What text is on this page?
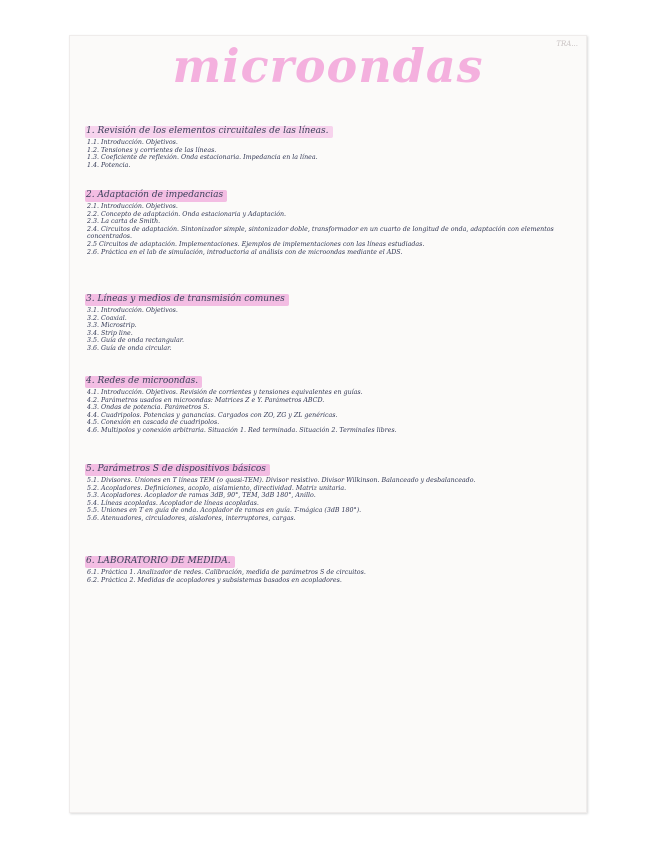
TRA...
microondas
1. Revisión de los elementos circuitales de las líneas.
1.1. Introducción. Objetivos.
1.2. Tensiones y corrientes de las líneas.
1.3. Coeficiente de reflexión. Onda estacionaria. Impedancia en la línea.
1.4. Potencia.
2. Adaptación de impedancias
2.1. Introducción. Objetivos.
2.2. Concepto de adaptación. Onda estacionaria y Adaptación.
2.3. La carta de Smith.
2.4. Circuitos de adaptación. Sintonizador simple, sintonizador doble, transformador en un cuarto de longitud de onda, adaptación con elementos concentrados.
2.5 Circuitos de adaptación. Implementaciones. Ejemplos de implementaciones con las líneas estudiadas.
2.6. Práctica en el lab de simulación, introductoria al análisis con de microondas mediante el ADS.
3. Líneas y medios de transmisión comunes
3.1. Introducción. Objetivos.
3.2. Coaxial.
3.3. Microstrip.
3.4. Strip line.
3.5. Guía de onda rectangular.
3.6. Guía de onda circular.
4. Redes de microondas.
4.1. Introducción. Objetivos. Revisión de corrientes y tensiones equivalentes en guías.
4.2. Parámetros usados en microondas: Matrices Z e Y. Parámetros ABCD.
4.3. Ondas de potencia. Parámetros S.
4.4. Cuadripolos. Potencias y ganancias. Cargados con ZO, ZG y ZL genéricas.
4.5. Conexión en cascada de cuadripolos.
4.6. Multipolos y conexión arbitraria. Situación 1. Red terminada. Situación 2. Terminales libres.
5. Parámetros S de dispositivos básicos
5.1. Divisores. Uniones en T líneas TEM (o quasi-TEM). Divisor resistivo. Divisor Wilkinson. Balanceado y desbalanceado.
5.2. Acopladores. Definiciones, acoplo, aislamiento, directividad. Matriz unitaria.
5.3. Acopladores. Acoplador de ramas 3dB, 90°, TEM, 3dB 180°, Anillo.
5.4. Líneas acopladas. Acoplador de líneas acopladas.
5.5. Uniones en T en guía de onda. Acoplador de ramas en guía. T-mágica (3dB 180°).
5.6. Atenuadores, circuladores, aisladores, interruptores, cargas.
6. LABORATORIO DE MEDIDA.
6.1. Práctica 1. Analizador de redes. Calibración, medida de parámetros S de circuitos.
6.2. Práctica 2. Medidas de acopladores y subsistemas basados en acopladores.
